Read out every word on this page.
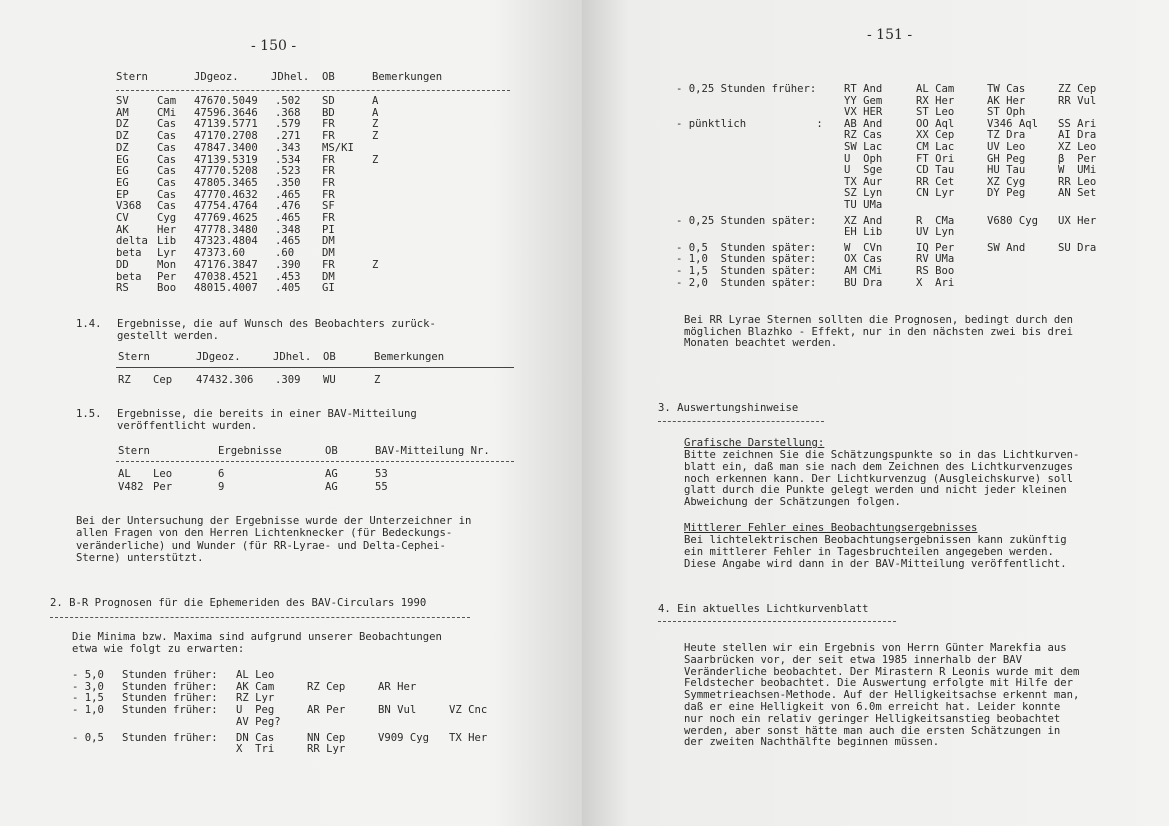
- 150 -
Stern	JDgeoz.	JDhel. OB	Bemerkungen
SV	Cam 47670.5049 .502 SD	A
AM	CMi 47596.3646 .368 BD	A
DZ	Cas 47139.5771 .579 FR	Z
DZ	Cas 47170.2708 .271 FR	Z
DZ	Cas 47847.3400 .343 MS/KI
EG	Cas 47139.5319 .534 FR	Z
EG	Cas 47770.5208 .523 FR
EG	Cas 47805.3465 .350 FR
EP	Cas 47770.4632 .465 FR
V368 Cas 47754.4764 .476 SF
CV	Cyg 47769.4625 .465 FR
AK	Her 47778.3480 .348 PI
delta Lib 47323.4804 .465 DM
beta Lyr 47373.60	.60	DM
DD	Mon 47176.3847 .390 FR	Z
beta Per 47038.4521 .453 DM
RS	Boo 48015.4007 .405 GI
1.4. Ergebnisse, die auf Wunsch des Beobachters zurück-
gestellt werden.
Stern	JDgeoz.	JDhel. OB	Bemerkungen
RZ Cep 47432.306 .309 WU	Z
1.5. Ergebnisse, die bereits in einer BAV-Mitteilung
veröffentlicht wurden.
Stern	Ergebnisse	OB	BAV-Mitteilung Nr.
AL Leo	6	AG	53
V482 Per	9	AG	55
Bei der Untersuchung der Ergebnisse wurde der Unterzeichner in
allen Fragen von den Herren Lichtenknecker (für Bedeckungs-
veränderliche) und Wunder (für RR-Lyrae- und Delta-Cephei-
Sterne) unterstützt.
2. B-R Prognosen für die Ephemeriden des BAV-Circulars 1990
Die Minima bzw. Maxima sind aufgrund unserer Beobachtungen
etwa wie folgt zu erwarten:
- 5,0 Stunden früher: AL Leo
- 3,0 Stunden früher: AK Cam	RZ Cep	AR Her
- 1,5 Stunden früher: RZ Lyr
- 1,0 Stunden früher: U  Peg	AR Per	BN Vul	VZ Cnc
AV Peg?
- 0,5 Stunden früher: DN Cas	NN Cep	V909 Cyg TX Her
X  Tri	RR Lyr
- 151 -
- 0,25 Stunden früher:	RT And	AL Cam	TW Cas	ZZ Cep
YY Gem	RX Her	AK Her	RR Vul
VX HER	ST Leo	ST Oph
- pünktlich           : AB And	OO Aql	V346 Aql SS Ari
RZ Cas	XX Cep	TZ Dra	AI Dra
SW Lac	CM Lac	UV Leo	XZ Leo
U  Oph	FT Ori	GH Peg	β  Per
U  Sge	CD Tau	HU Tau	W  UMi
TX Aur	RR Cet	XZ Cyg	RR Leo
SZ Lyn	CN Lyr	DY Peg	AN Set
TU UMa
- 0,25 Stunden später:	XZ And	R  CMa	V680 Cyg UX Her
EH Lib	UV Lyn
- 0,5  Stunden später:	W  CVn	IQ Per	SW And	SU Dra
- 1,0  Stunden später:	OX Cas	RV UMa
- 1,5  Stunden später:	AM CMi	RS Boo
- 2,0  Stunden später:	BU Dra	X  Ari
Bei RR Lyrae Sternen sollten die Prognosen, bedingt durch den
möglichen Blazhko - Effekt, nur in den nächsten zwei bis drei
Monaten beachtet werden.
3. Auswertungshinweise
Grafische Darstellung:
Bitte zeichnen Sie die Schätzungspunkte so in das Lichtkurven-
blatt ein, daß man sie nach dem Zeichnen des Lichtkurvenzuges
noch erkennen kann. Der Lichtkurvenzug (Ausgleichskurve) soll
glatt durch die Punkte gelegt werden und nicht jeder kleinen
Abweichung der Schätzungen folgen.
Mittlerer Fehler eines Beobachtungsergebnisses
Bei lichtelektrischen Beobachtungsergebnissen kann zukünftig
ein mittlerer Fehler in Tagesbruchteilen angegeben werden.
Diese Angabe wird dann in der BAV-Mitteilung veröffentlicht.
4. Ein aktuelles Lichtkurvenblatt
Heute stellen wir ein Ergebnis von Herrn Günter Marekfia aus
Saarbrücken vor, der seit etwa 1985 innerhalb der BAV
Veränderliche beobachtet. Der Mirastern R Leonis wurde mit dem
Feldstecher beobachtet. Die Auswertung erfolgte mit Hilfe der
Symmetrieachsen-Methode. Auf der Helligkeitsachse erkennt man,
daß er eine Helligkeit von 6.0m erreicht hat. Leider konnte
nur noch ein relativ geringer Helligkeitsanstieg beobachtet
werden, aber sonst hätte man auch die ersten Schätzungen in
der zweiten Nachthälfte beginnen müssen.
